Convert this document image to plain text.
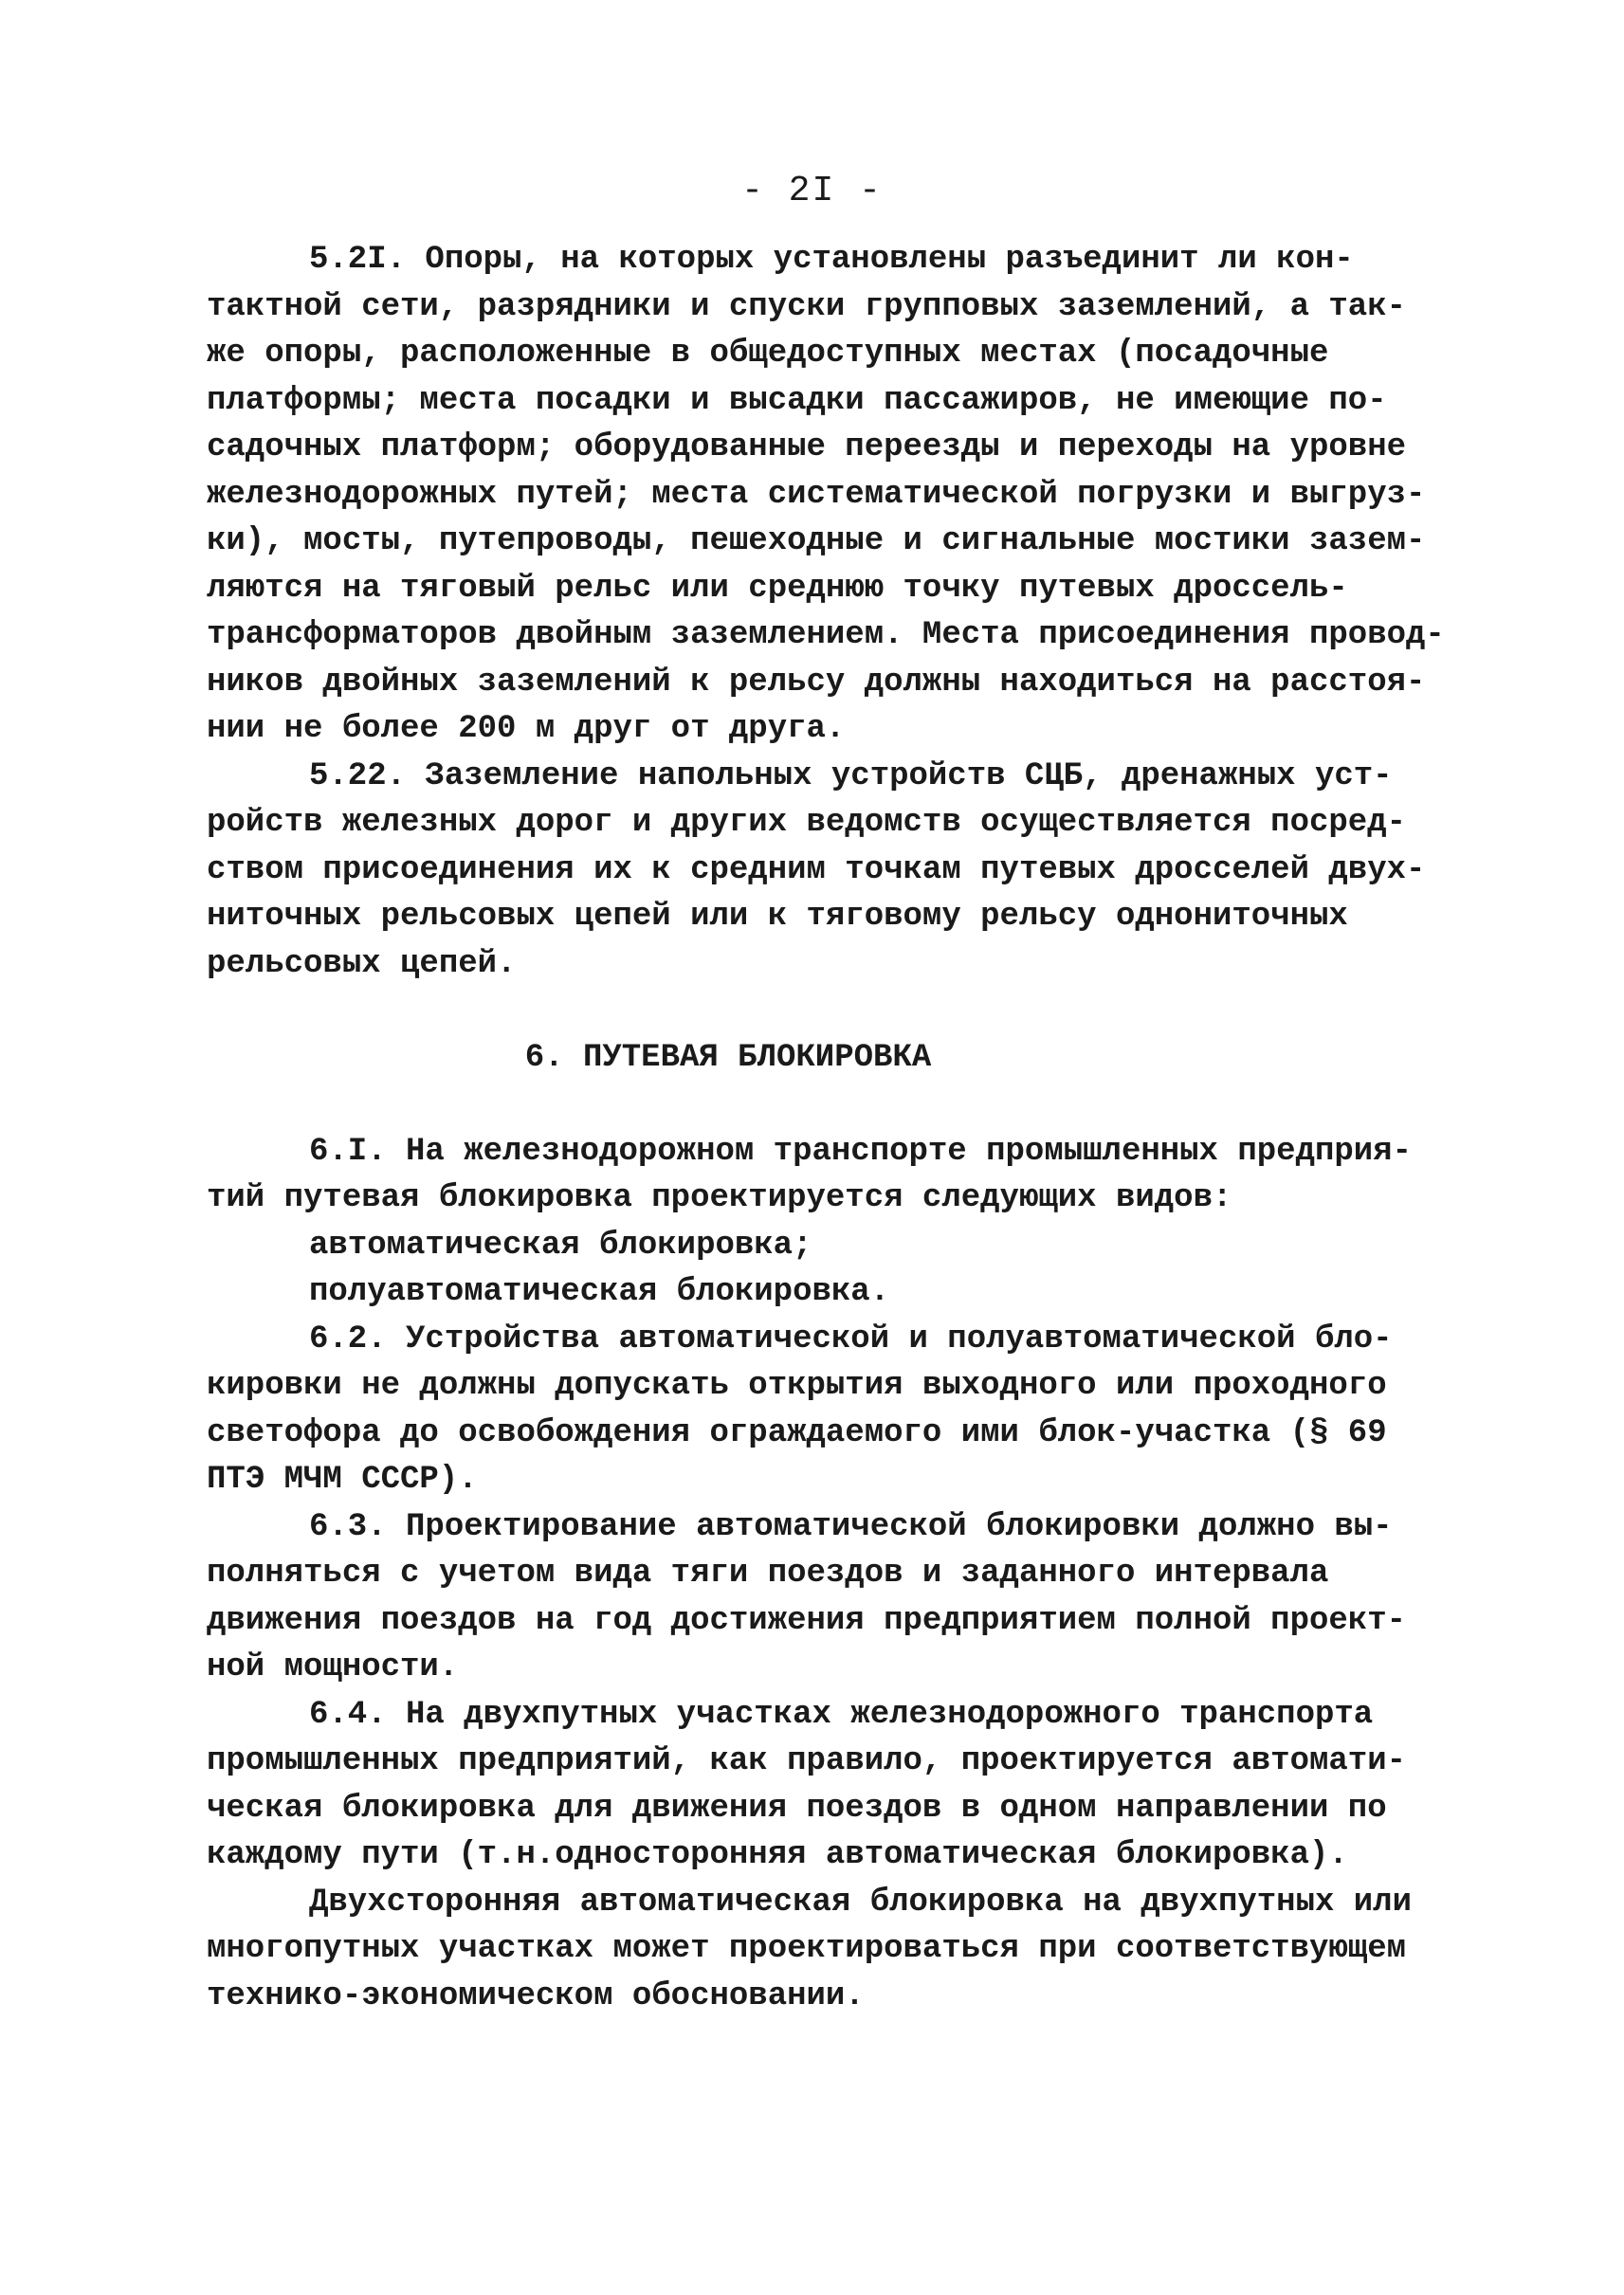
- 2I -
5.2I. Опоры, на которых установлены разъединит ли кон-
тактной сети, разрядники и спуски групповых заземлений, а так-
же опоры, расположенные в общедоступных местах (посадочные
платформы; места посадки и высадки пассажиров, не имеющие по-
садочных платформ; оборудованные переезды и переходы на уровне
железнодорожных путей; места систематической погрузки и выгруз-
ки), мосты, путепроводы, пешеходные и сигнальные мостики зазем-
ляются на тяговый рельс или среднюю точку путевых дроссель-
трансформаторов двойным заземлением. Места присоединения провод-
ников двойных заземлений к рельсу должны находиться на расстоя-
нии не более 200 м друг от друга.
5.22. Заземление напольных устройств СЦБ, дренажных уст-
ройств железных дорог и других ведомств осуществляется посред-
ством присоединения их к средним точкам путевых дросселей двух-
ниточных рельсовых цепей или к тяговому рельсу однониточных
рельсовых цепей.
6. ПУТЕВАЯ БЛОКИРОВКА
6.I. На железнодорожном транспорте промышленных предприя-
тий путевая блокировка проектируется следующих видов:
автоматическая блокировка;
полуавтоматическая блокировка.
6.2. Устройства автоматической и полуавтоматической бло-
кировки не должны допускать открытия выходного или проходного
светофора до освобождения ограждаемого ими блок-участка (§ 69
ПТЭ МЧМ СССР).
6.3. Проектирование автоматической блокировки должно вы-
полняться с учетом вида тяги поездов и заданного интервала
движения поездов на год достижения предприятием полной проект-
ной мощности.
6.4. На двухпутных участках железнодорожного транспорта
промышленных предприятий, как правило, проектируется автомати-
ческая блокировка для движения поездов в одном направлении по
каждому пути (т.н.односторонняя автоматическая блокировка).
Двухсторонняя автоматическая блокировка на двухпутных или
многопутных участках может проектироваться при соответствующем
технико-экономическом обосновании.
